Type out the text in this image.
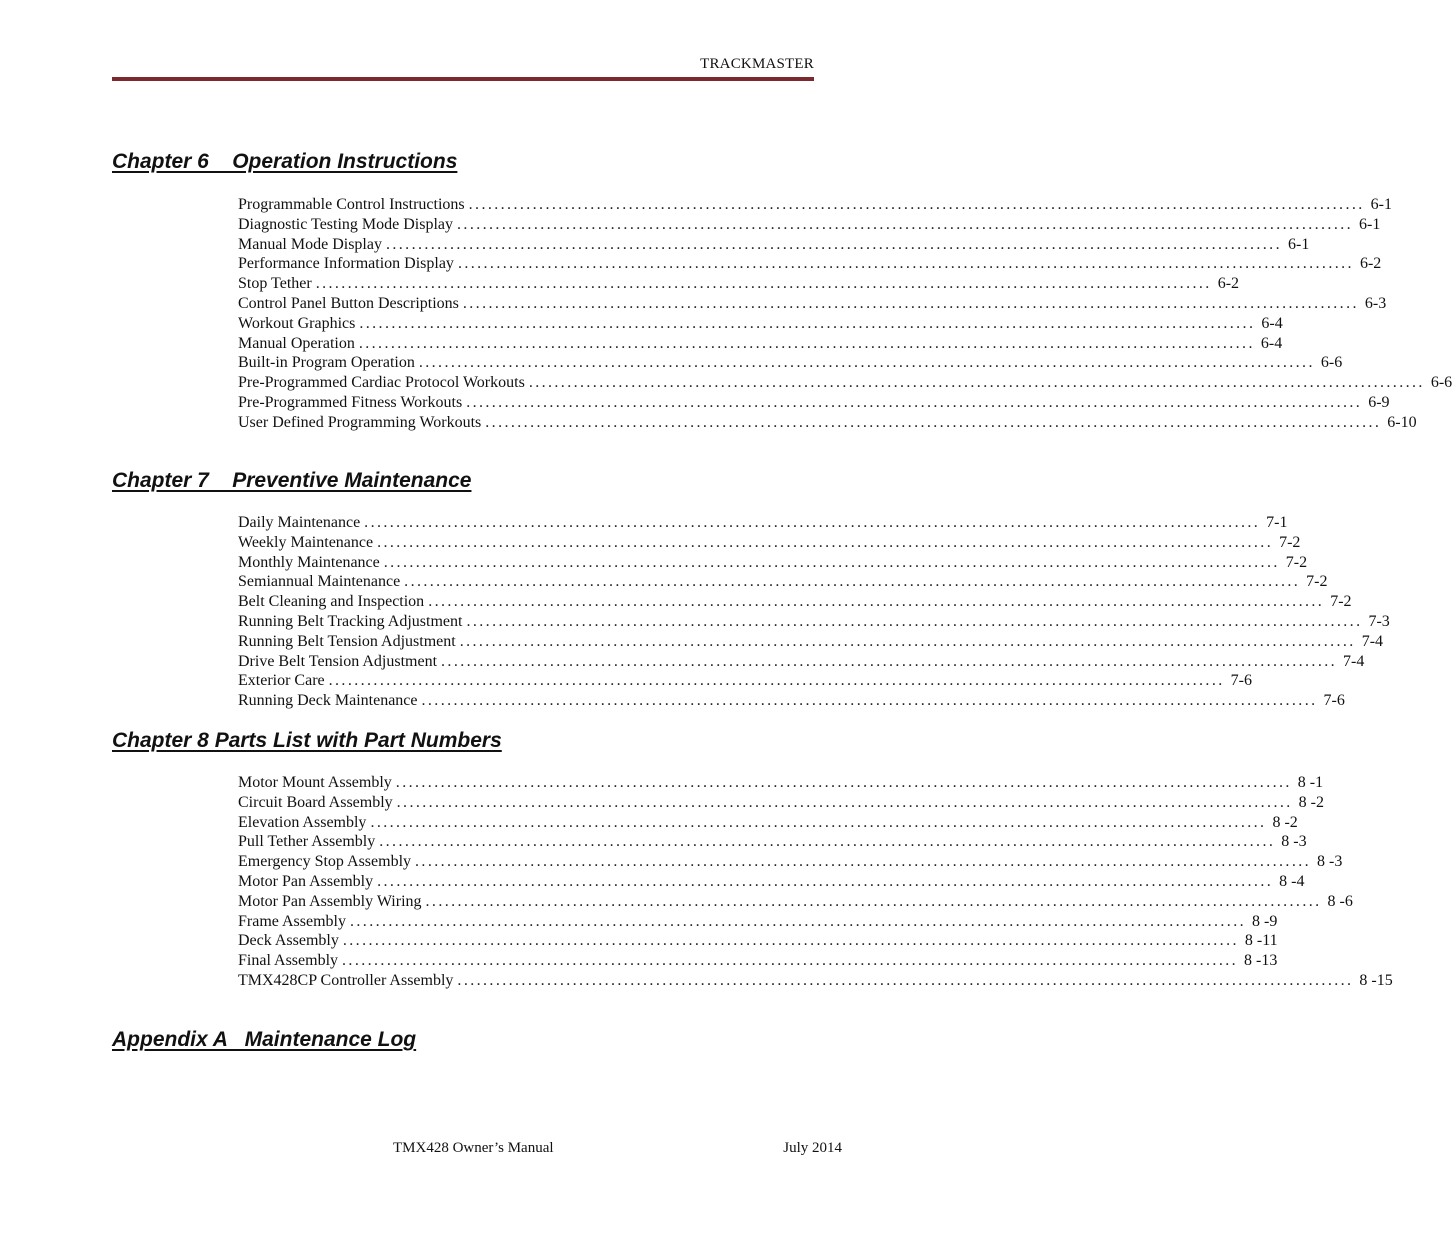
TRACKMASTER
Chapter 6    Operation Instructions
Programmable Control Instructions ............................................................................................................................................ 6-1
Diagnostic Testing Mode Display ............................................................................................................................................ 6-1
Manual Mode Display ............................................................................................................................................ 6-1
Performance Information Display ............................................................................................................................................ 6-2
Stop Tether ............................................................................................................................................ 6-2
Control Panel Button Descriptions ............................................................................................................................................ 6-3
Workout Graphics ............................................................................................................................................ 6-4
Manual Operation ............................................................................................................................................ 6-4
Built-in Program Operation ............................................................................................................................................ 6-6
Pre-Programmed Cardiac Protocol Workouts ............................................................................................................................................ 6-6
Pre-Programmed Fitness Workouts ............................................................................................................................................ 6-9
User Defined Programming Workouts ............................................................................................................................................ 6-10
Chapter 7    Preventive Maintenance
Daily Maintenance ............................................................................................................................................ 7-1
Weekly Maintenance ............................................................................................................................................ 7-2
Monthly Maintenance ............................................................................................................................................ 7-2
Semiannual Maintenance ............................................................................................................................................ 7-2
Belt Cleaning and Inspection ............................................................................................................................................ 7-2
Running Belt Tracking Adjustment ............................................................................................................................................ 7-3
Running Belt Tension Adjustment ............................................................................................................................................ 7-4
Drive Belt Tension Adjustment ............................................................................................................................................ 7-4
Exterior Care ............................................................................................................................................ 7-6
Running Deck Maintenance ............................................................................................................................................ 7-6
Chapter 8 Parts List with Part Numbers
Motor Mount Assembly ............................................................................................................................................ 8 -1
Circuit Board Assembly ............................................................................................................................................ 8 -2
Elevation Assembly ............................................................................................................................................ 8 -2
Pull Tether Assembly ............................................................................................................................................ 8 -3
Emergency Stop Assembly ............................................................................................................................................ 8 -3
Motor Pan Assembly ............................................................................................................................................ 8 -4
Motor Pan Assembly Wiring ............................................................................................................................................ 8 -6
Frame Assembly ............................................................................................................................................ 8 -9
Deck Assembly ............................................................................................................................................ 8 -11
Final Assembly ............................................................................................................................................ 8 -13
TMX428CP Controller Assembly ............................................................................................................................................ 8 -15
Appendix A   Maintenance Log
TMX428 Owner’s Manual	July 2014
